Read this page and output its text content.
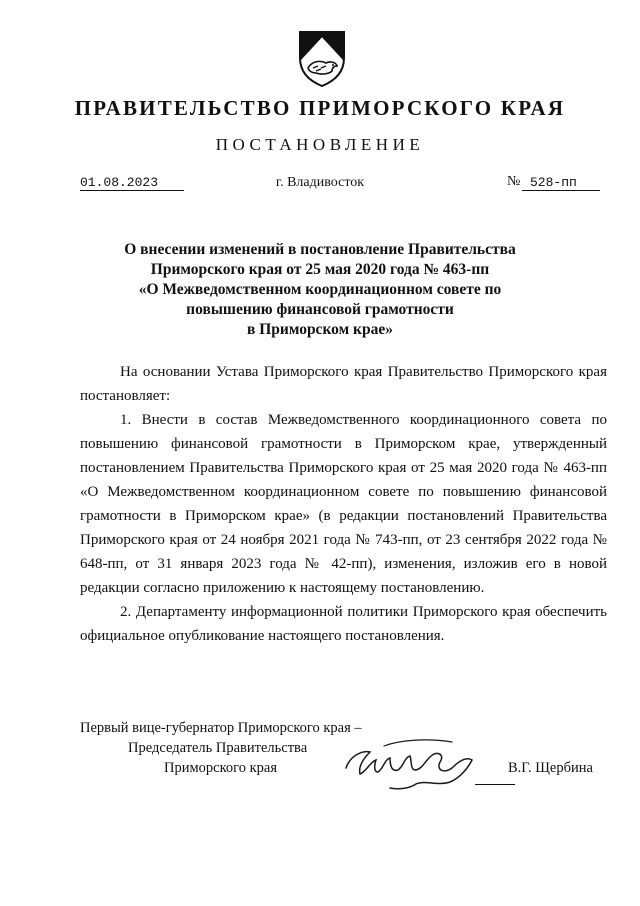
ПРАВИТЕЛЬСТВО ПРИМОРСКОГО КРАЯ
ПОСТАНОВЛЕНИЕ
01.08.2023	г. Владивосток	№ 528-пп
О внесении изменений в постановление Правительства
Приморского края от 25 мая 2020 года № 463-пп
«О Межведомственном координационном совете по
повышению финансовой грамотности
в Приморском крае»

На основании Устава Приморского края Правительство Приморского края постановляет:

1. Внести в состав Межведомственного координационного совета по повышению финансовой грамотности в Приморском крае, утвержденный постановлением Правительства Приморского края от 25 мая 2020 года № 463-пп «О Межведомственном координационном совете по повышению финансовой грамотности в Приморском крае» (в редакции постановлений Правительства Приморского края от 24 ноября 2021 года № 743-пп, от 23 сентября 2022 года № 648-пп, от 31 января 2023 года № 42-пп), изменения, изложив его в новой редакции согласно приложению к настоящему постановлению.

2. Департаменту информационной политики Приморского края обеспечить официальное опубликование настоящего постановления.

Первый вице-губернатор Приморского края –
Председатель Правительства
Приморского края	В.Г. Щербина
